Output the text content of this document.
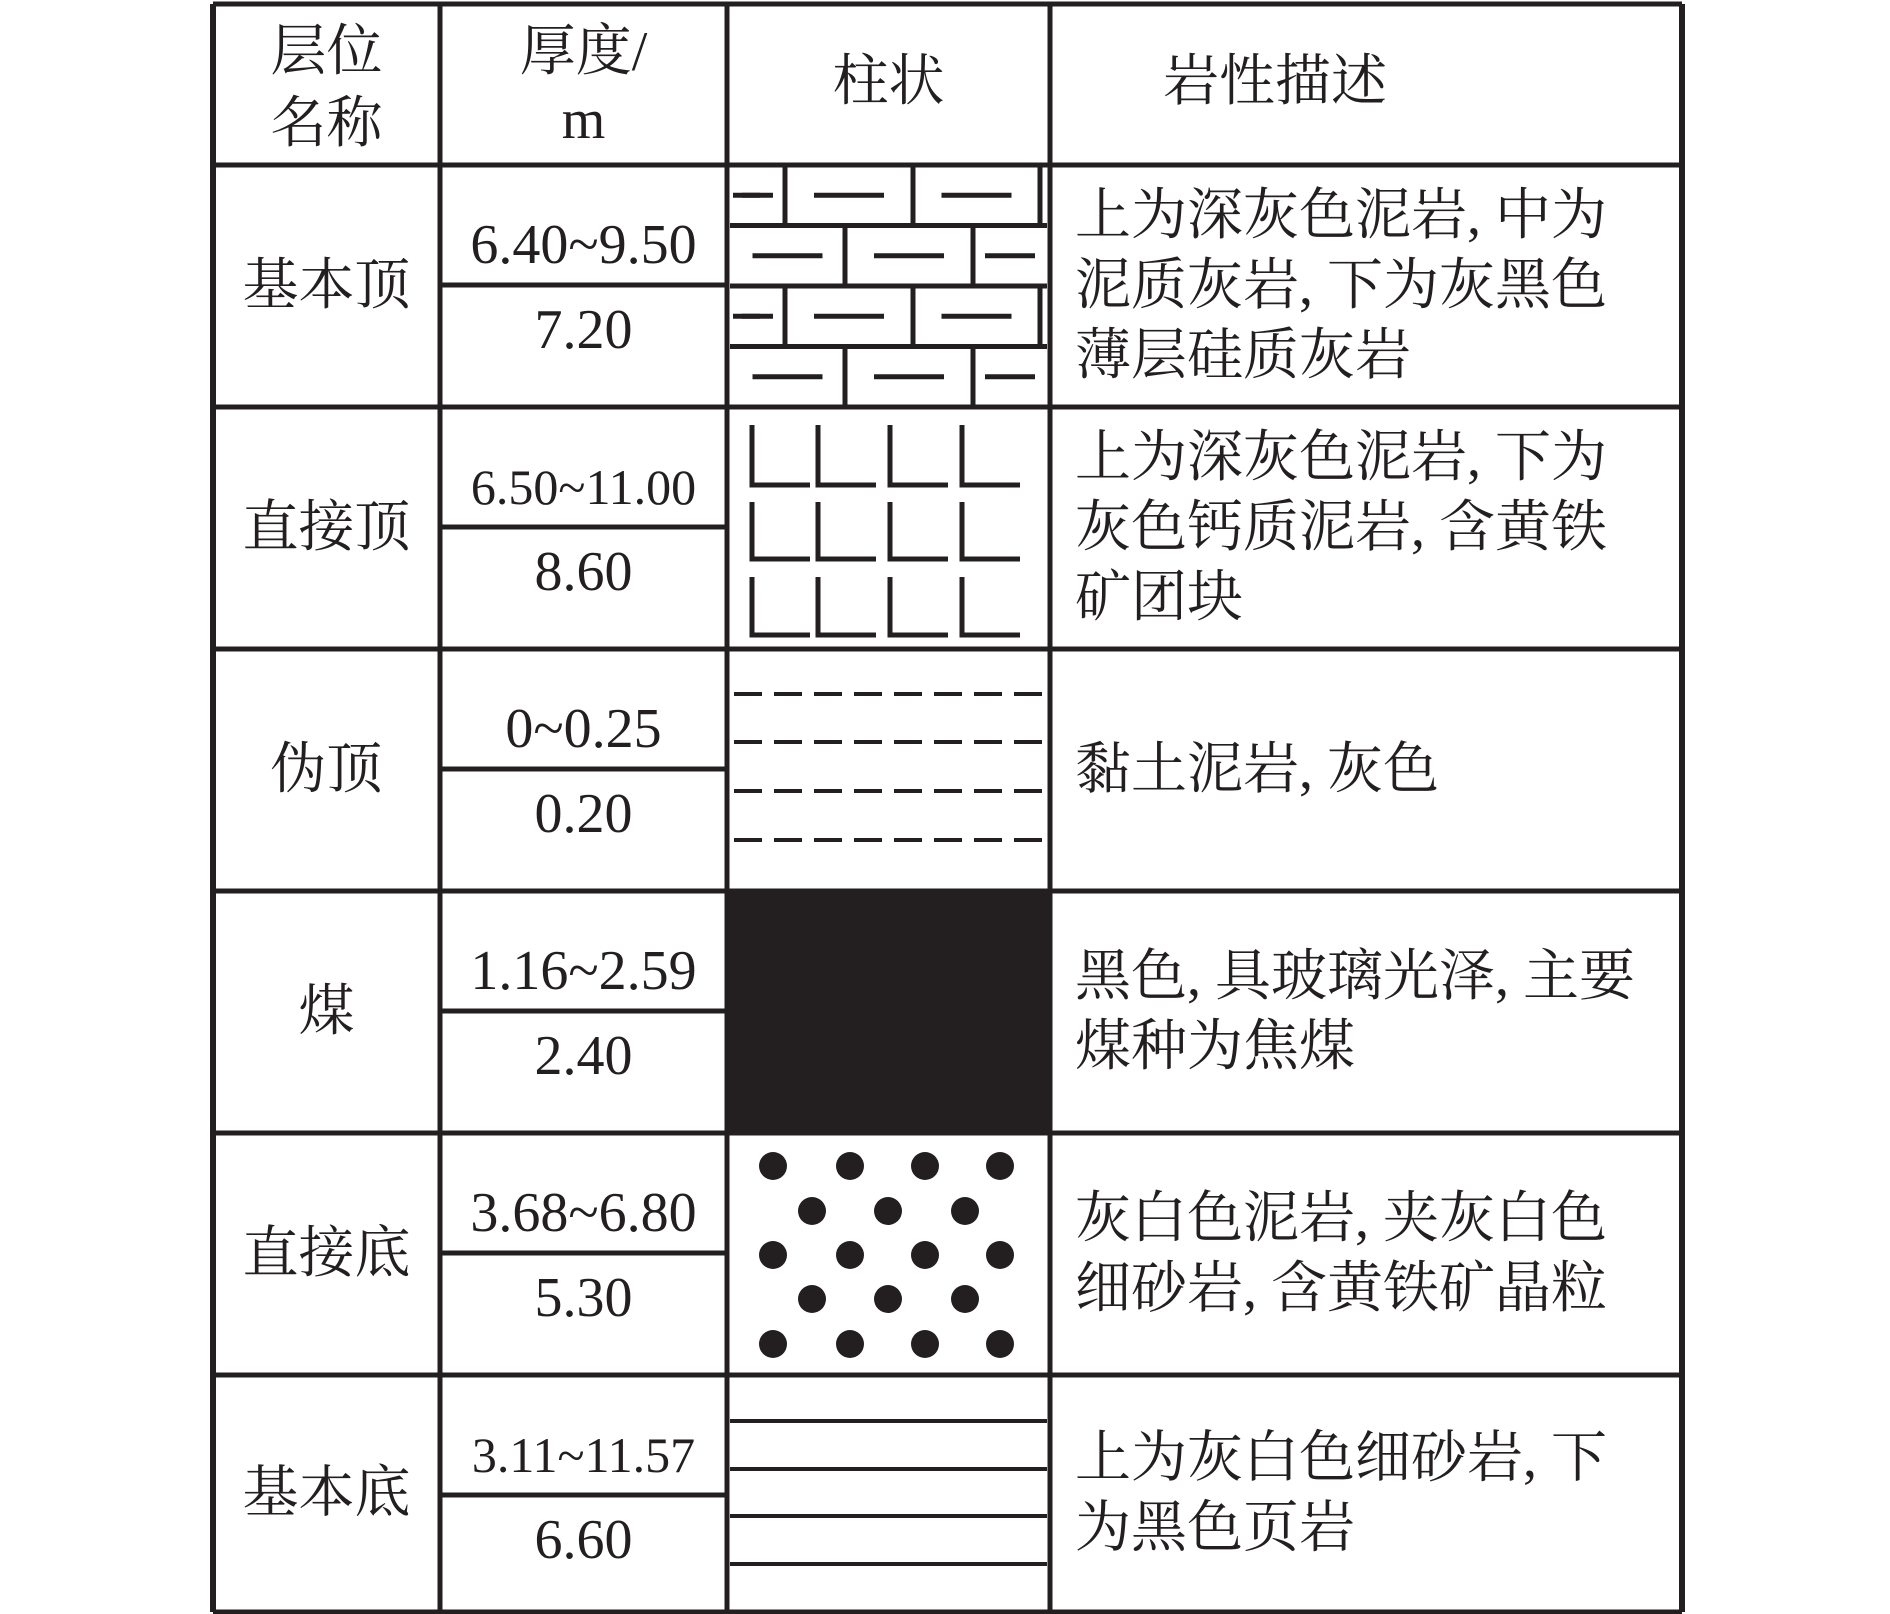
层位
名称
厚度/
m
柱状	岩性描述
基本顶
6.40~9.50
7.20
上为深灰色泥岩, 中为
泥质灰岩, 下为灰黑色
薄层硅质灰岩
直接顶
6.50~11.00
8.60
上为深灰色泥岩, 下为
灰色钙质泥岩, 含黄铁
矿团块
伪顶
0~0.25
0.20
黏土泥岩, 灰色
煤
1.16~2.59
2.40
黑色, 具玻璃光泽, 主要
煤种为焦煤
直接底
3.68~6.80
5.30
灰白色泥岩, 夹灰白色
细砂岩, 含黄铁矿晶粒
基本底
3.11~11.57
6.60
上为灰白色细砂岩, 下
为黑色页岩
